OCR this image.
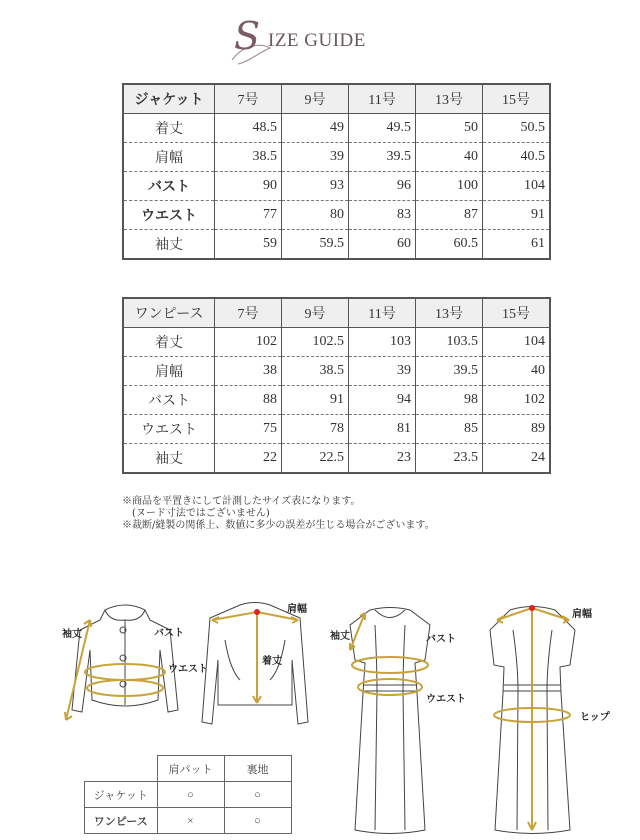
S IZE GUIDE
ジャケット	7号	9号	11号	13号	15号
着丈	48.5	49	49.5	50	50.5
肩幅	38.5	39	39.5	40	40.5
バスト	90	93	96	100	104
ウエスト	77	80	83	87	91
袖丈	59	59.5	60	60.5	61
ワンピース	7号	9号	11号	13号	15号
着丈	102	102.5	103	103.5	104
肩幅	38	38.5	39	39.5	40
バスト	88	91	94	98	102
ウエスト	75	78	81	85	89
袖丈	22	22.5	23	23.5	24
※商品を平置きにして計測したサイズ表になります。
　(ヌード寸法ではございません)
※裁断/縫製の関係上、数値に多少の誤差が生じる場合がございます。
袖丈	バスト
ウエスト
肩幅
着丈
袖丈	バスト
ウエスト
肩幅
ヒップ
	肩パット	裏地
ジャケット	○	○
ワンピース	×	○
